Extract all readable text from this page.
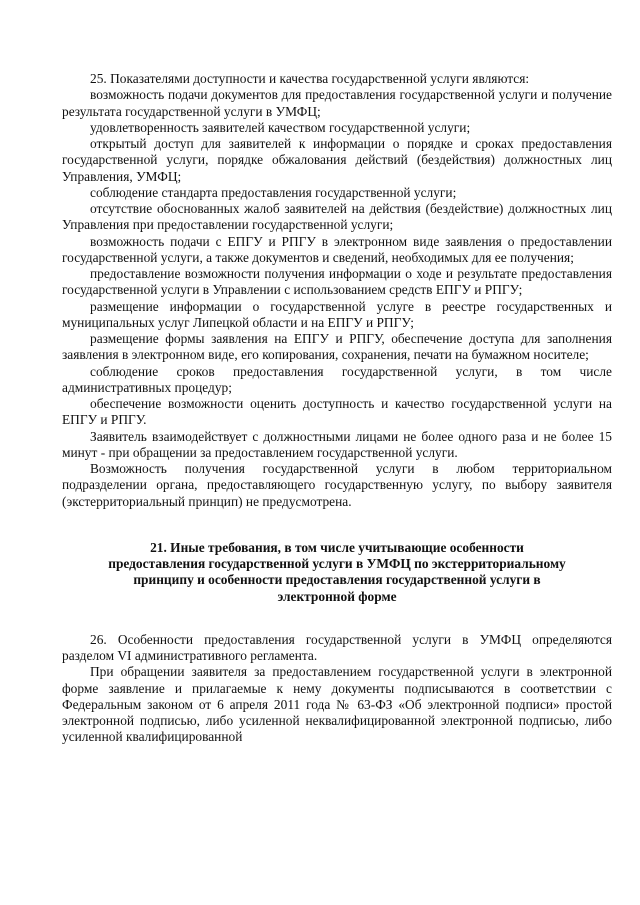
25. Показателями доступности и качества государственной услуги являются:

возможность подачи документов для предоставления государственной услуги и получение результата государственной услуги в УМФЦ;

удовлетворенность заявителей качеством государственной услуги;

открытый доступ для заявителей к информации о порядке и сроках предоставления государственной услуги, порядке обжалования действий (бездействия) должностных лиц Управления, УМФЦ;

соблюдение стандарта предоставления государственной услуги;

отсутствие обоснованных жалоб заявителей на действия (бездействие) должностных лиц Управления при предоставлении государственной услуги;

возможность подачи с ЕПГУ и РПГУ в электронном виде заявления о предоставлении государственной услуги, а также документов и сведений, необходимых для ее получения;

предоставление возможности получения информации о ходе и результате предоставления государственной услуги в Управлении с использованием средств ЕПГУ и РПГУ;

размещение информации о государственной услуге в реестре государственных и муниципальных услуг Липецкой области и на ЕПГУ и РПГУ;

размещение формы заявления на ЕПГУ и РПГУ, обеспечение доступа для заполнения заявления в электронном виде, его копирования, сохранения, печати на бумажном носителе;

соблюдение сроков предоставления государственной услуги, в том числе административных процедур;

обеспечение возможности оценить доступность и качество государственной услуги на ЕПГУ и РПГУ.

Заявитель взаимодействует с должностными лицами не более одного раза и не более 15 минут - при обращении за предоставлением государственной услуги.

Возможность получения государственной услуги в любом территориальном подразделении органа, предоставляющего государственную услугу, по выбору заявителя (экстерриториальный принцип) не предусмотрена.

21. Иные требования, в том числе учитывающие особенности
предоставления государственной услуги в УМФЦ по экстерриториальному
принципу и особенности предоставления государственной услуги в
электронной форме

26. Особенности предоставления государственной услуги в УМФЦ определяются разделом VI административного регламента.

При обращении заявителя за предоставлением государственной услуги в электронной форме заявление и прилагаемые к нему документы подписываются в соответствии с Федеральным законом от 6 апреля 2011 года № 63-ФЗ «Об электронной подписи» простой электронной подписью, либо усиленной неквалифицированной электронной подписью, либо усиленной квалифицированной
